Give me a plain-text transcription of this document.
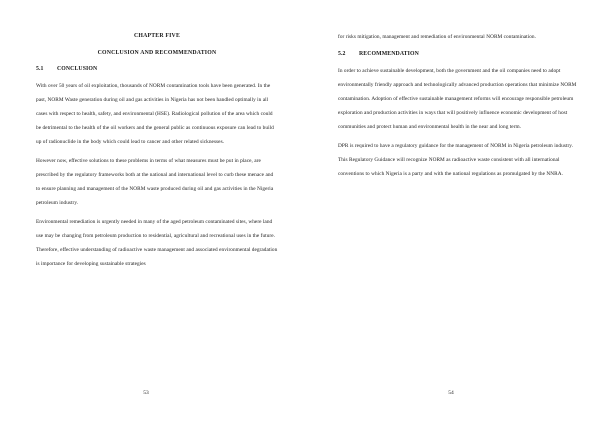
CHAPTER FIVE
CONCLUSION AND RECOMMENDATION
5.1 CONCLUSION

With over 50 years of oil exploitation, thousands of NORM contamination tools have been generated. In the past, NORM Waste generation during oil and gas activities in Nigeria has not been handled optimally in all cases with respect to health, safety, and environmental (HSE). Radiological pollution of the area which could be detrimental to the health of the oil workers and the general public as continuous exposure can lead to build up of radionuclide in the body which could lead to cancer and other related sicknesses.

However now, effective solutions to these problems in terms of what measures must be put in place, are prescribed by the regulatory frameworks both at the national and international level to curb these menace and to ensure planning and management of the NORM waste produced during oil and gas activities in the Nigeria petroleum industry.

Environmental remediation is urgently needed in many of the aged petroleum contaminated sites, where land use may be changing from petroleum production to residential, agricultural and recreational uses in the future. Therefore, effective understanding of radioactive waste management and associated environmental degradation is importance for developing sustainable strategies

53

for risks mitigation, management and remediation of environmental NORM contamination.

5.2 RECOMMENDATION

In order to achieve sustainable development, both the government and the oil companies need to adopt environmentally friendly approach and technologically advanced production operations that minimize NORM contamination. Adoption of effective sustainable management reforms will encourage responsible petroleum exploration and production activities in ways that will positively influence economic development of host communities and protect human and environmental health in the near and long term.

DPR is required to have a regulatory guidance for the management of NORM in Nigeria petroleum industry. This Regulatory Guidance will recognize NORM as radioactive waste consistent with all international conventions to which Nigeria is a party and with the national regulations as promulgated by the NNRA.

54
